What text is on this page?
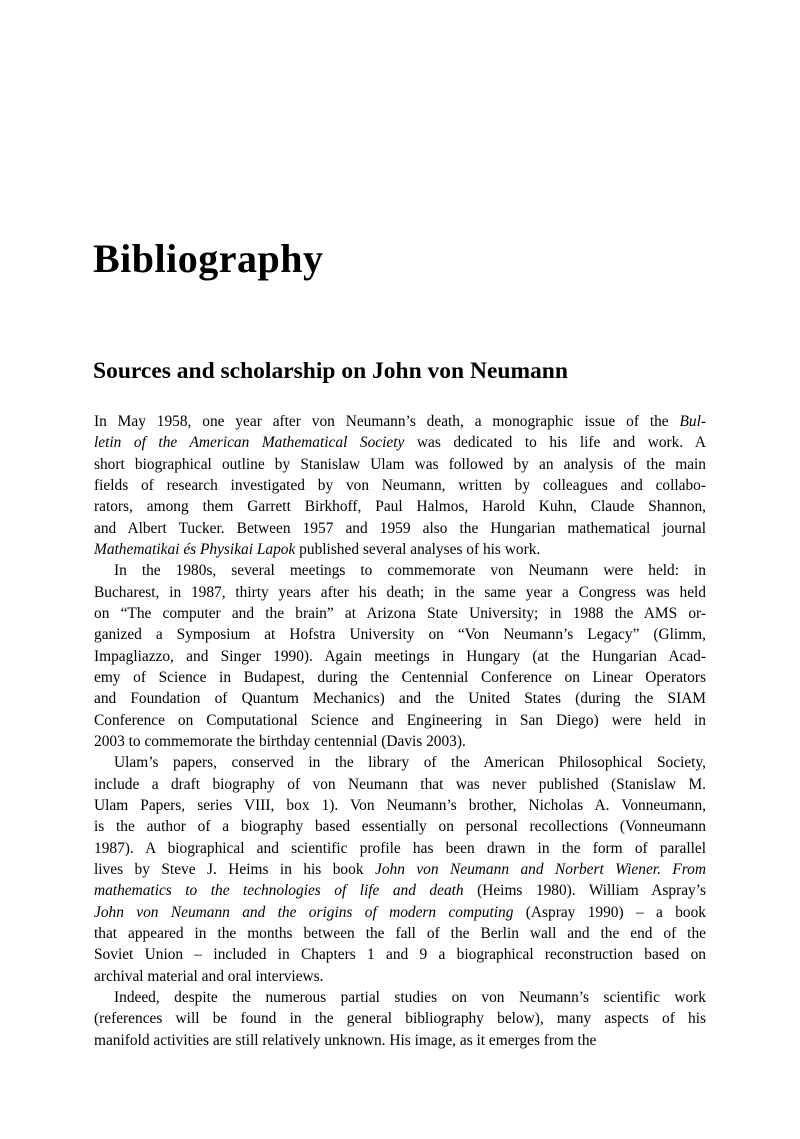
Bibliography
Sources and scholarship on John von Neumann
In May 1958, one year after von Neumann’s death, a monographic issue of the Bul-
letin of the American Mathematical Society was dedicated to his life and work. A
short biographical outline by Stanislaw Ulam was followed by an analysis of the main
fields of research investigated by von Neumann, written by colleagues and collabo-
rators, among them Garrett Birkhoff, Paul Halmos, Harold Kuhn, Claude Shannon,
and Albert Tucker. Between 1957 and 1959 also the Hungarian mathematical journal
Mathematikai és Physikai Lapok published several analyses of his work.
In the 1980s, several meetings to commemorate von Neumann were held: in
Bucharest, in 1987, thirty years after his death; in the same year a Congress was held
on “The computer and the brain” at Arizona State University; in 1988 the AMS or-
ganized a Symposium at Hofstra University on “Von Neumann’s Legacy” (Glimm,
Impagliazzo, and Singer 1990). Again meetings in Hungary (at the Hungarian Acad-
emy of Science in Budapest, during the Centennial Conference on Linear Operators
and Foundation of Quantum Mechanics) and the United States (during the SIAM
Conference on Computational Science and Engineering in San Diego) were held in
2003 to commemorate the birthday centennial (Davis 2003).
Ulam’s papers, conserved in the library of the American Philosophical Society,
include a draft biography of von Neumann that was never published (Stanislaw M.
Ulam Papers, series VIII, box 1). Von Neumann’s brother, Nicholas A. Vonneumann,
is the author of a biography based essentially on personal recollections (Vonneumann
1987). A biographical and scientific profile has been drawn in the form of parallel
lives by Steve J. Heims in his book John von Neumann and Norbert Wiener. From
mathematics to the technologies of life and death (Heims 1980). William Aspray’s
John von Neumann and the origins of modern computing (Aspray 1990) – a book
that appeared in the months between the fall of the Berlin wall and the end of the
Soviet Union – included in Chapters 1 and 9 a biographical reconstruction based on
archival material and oral interviews.
Indeed, despite the numerous partial studies on von Neumann’s scientific work
(references will be found in the general bibliography below), many aspects of his
manifold activities are still relatively unknown. His image, as it emerges from the
